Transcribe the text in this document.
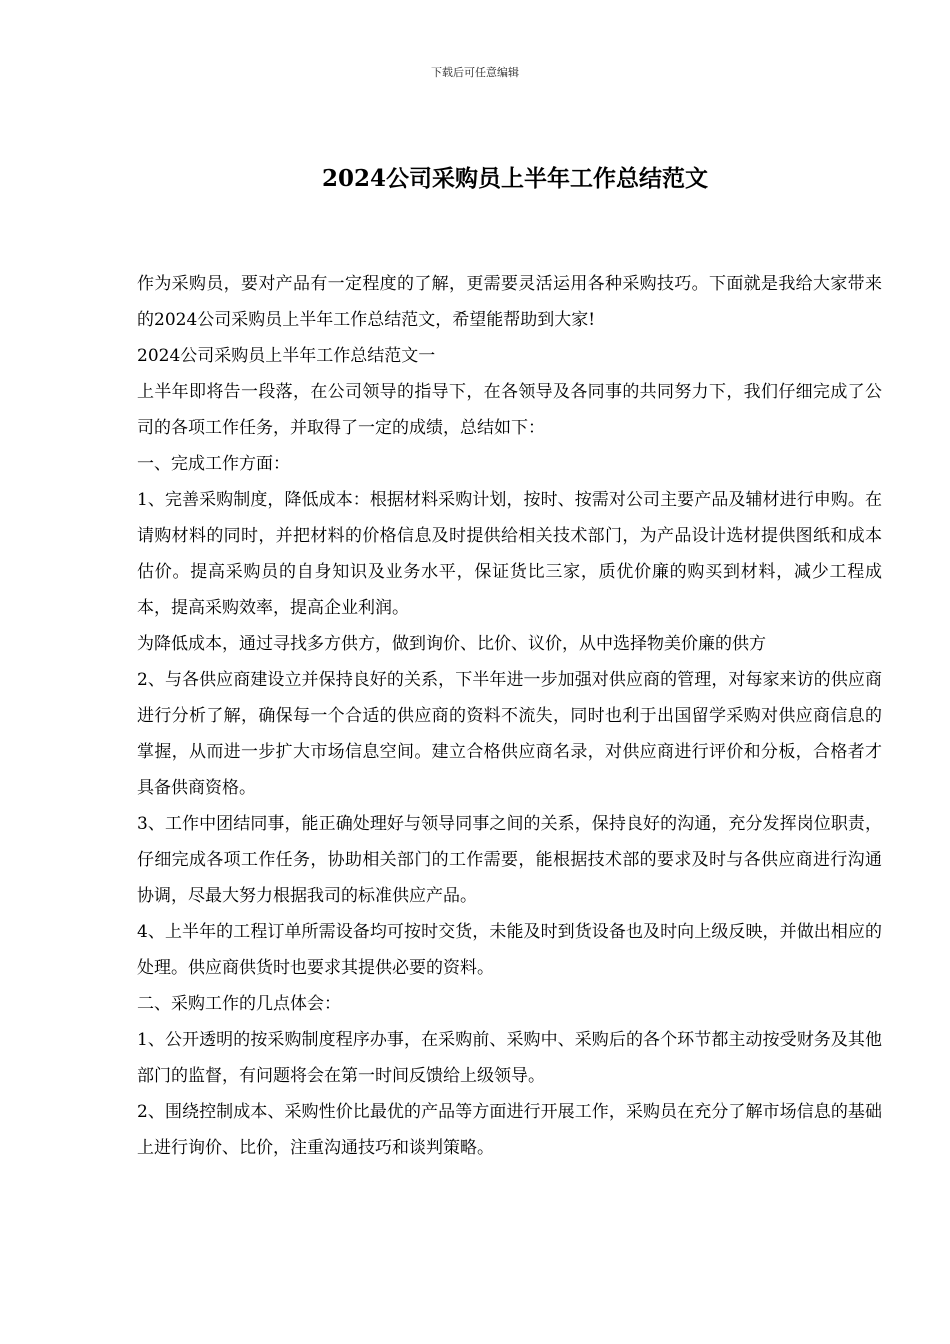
下载后可任意编辑
2024公司采购员上半年工作总结范文

作为采购员，要对产品有一定程度的了解，更需要灵活运用各种采购技巧。下面就是我给大家带来的2024公司采购员上半年工作总结范文，希望能帮助到大家!

2024公司采购员上半年工作总结范文一

上半年即将告一段落，在公司领导的指导下，在各领导及各同事的共同努力下，我们仔细完成了公司的各项工作任务，并取得了一定的成绩，总结如下：

一、完成工作方面：

1、完善采购制度，降低成本：根据材料采购计划，按时、按需对公司主要产品及辅材进行申购。在请购材料的同时，并把材料的价格信息及时提供给相关技术部门，为产品设计选材提供图纸和成本估价。提高采购员的自身知识及业务水平，保证货比三家，质优价廉的购买到材料，减少工程成本，提高采购效率，提高企业利润。

为降低成本，通过寻找多方供方，做到询价、比价、议价，从中选择物美价廉的供方

2、与各供应商建设立并保持良好的关系，下半年进一步加强对供应商的管理，对每家来访的供应商进行分析了解，确保每一个合适的供应商的资料不流失，同时也利于出国留学采购对供应商信息的掌握，从而进一步扩大市场信息空间。建立合格供应商名录，对供应商进行评价和分板，合格者才具备供商资格。

3、工作中团结同事，能正确处理好与领导同事之间的关系，保持良好的沟通，充分发挥岗位职责，仔细完成各项工作任务，协助相关部门的工作需要，能根据技术部的要求及时与各供应商进行沟通协调，尽最大努力根据我司的标准供应产品。

4、上半年的工程订单所需设备均可按时交货，未能及时到货设备也及时向上级反映，并做出相应的处理。供应商供货时也要求其提供必要的资料。

二、采购工作的几点体会：

1、公开透明的按采购制度程序办事，在采购前、采购中、采购后的各个环节都主动按受财务及其他部门的监督，有问题将会在第一时间反馈给上级领导。

2、围绕控制成本、采购性价比最优的产品等方面进行开展工作，采购员在充分了解市场信息的基础上进行询价、比价，注重沟通技巧和谈判策略。
